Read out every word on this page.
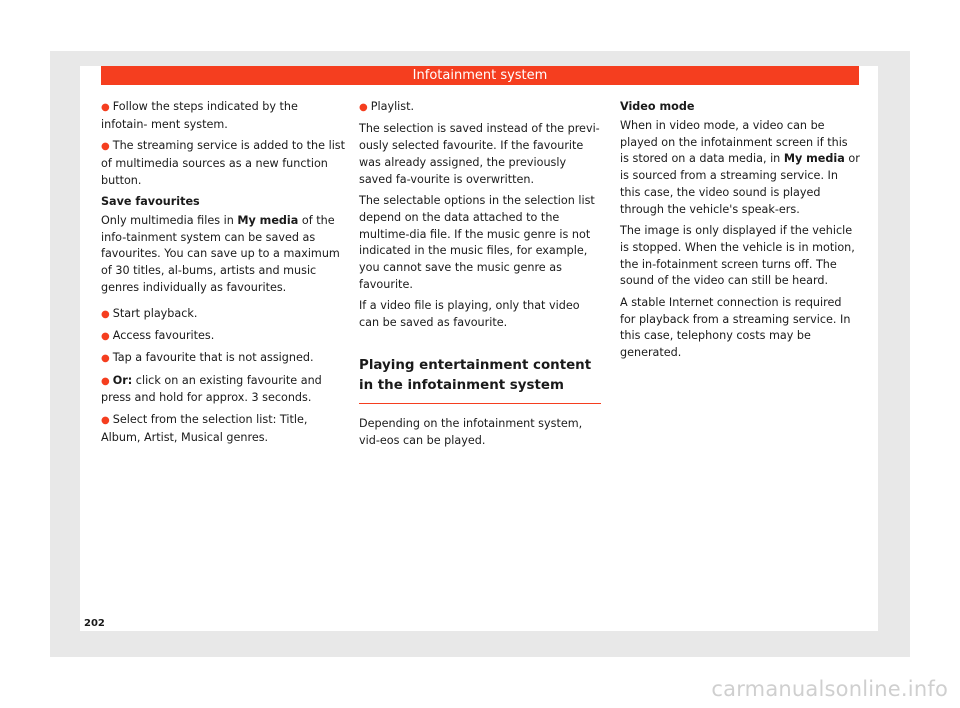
Infotainment system
● Follow the steps indicated by the infotain- ment system.
● The streaming service is added to the list of multimedia sources as a new function button.
Save favourites

Only multimedia files in My media of the info-tainment system can be saved as favourites. You can save up to a maximum of 30 titles, al-bums, artists and music genres individually as favourites.

● Start playback.
● Access favourites.
● Tap a favourite that is not assigned.
● Or: click on an existing favourite and press and hold for approx. 3 seconds.
● Select from the selection list: Title, Album, Artist, Musical genres.
● Playlist.

The selection is saved instead of the previ-ously selected favourite. If the favourite was already assigned, the previously saved fa-vourite is overwritten.

The selectable options in the selection list depend on the data attached to the multime-dia file. If the music genre is not indicated in the music files, for example, you cannot save the music genre as favourite.

If a video file is playing, only that video can be saved as favourite.

Playing entertainment content in the infotainment system

Depending on the infotainment system, vid-eos can be played.

Video mode

When in video mode, a video can be played on the infotainment screen if this is stored on a data media, in My media or is sourced from a streaming service. In this case, the video sound is played through the vehicle's speak-ers.

The image is only displayed if the vehicle is stopped. When the vehicle is in motion, the in-fotainment screen turns off. The sound of the video can still be heard.

A stable Internet connection is required for playback from a streaming service. In this case, telephony costs may be generated.

202
carmanualsonline.info
